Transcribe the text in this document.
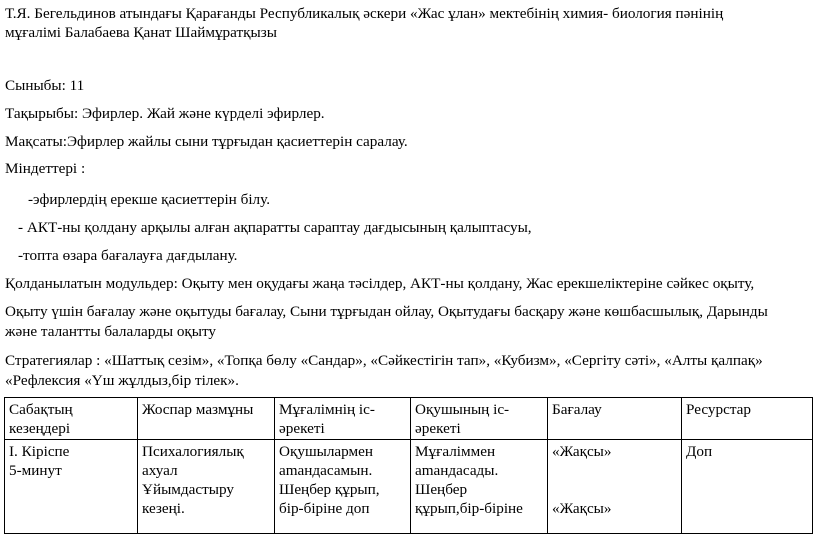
Т.Я. Бегельдинов атындағы Қарағанды Республикалық әскери «Жас ұлан» мектебінің химия- биология пәнінің
мұғалімі Балабаева Қанат Шаймұратқызы
Сыныбы: 11
Тақырыбы: Эфирлер. Жай және күрделі эфирлер.
Мақсаты:Эфирлер жайлы сыни тұрғыдан қасиеттерін саралау.
Міндеттері :
-эфирлердің ерекше қасиеттерін білу.
- АКТ-ны қолдану арқылы алған ақпаратты сараптау дағдысының қалыптасуы,
-топта өзара бағалауға дағдылану.
Қолданылатын модульдер: Оқыту мен оқудағы жаңа тәсілдер, АКТ-ны қолдану, Жас ерекшеліктеріне сәйкес оқыту,
Оқыту үшін бағалау және оқытуды бағалау, Сыни тұрғыдан ойлау, Оқытудағы басқару және көшбасшылық, Дарынды
және талантты балаларды оқыту
Стратегиялар : «Шаттық сезім», «Топқа бөлу «Сандар», «Сәйкестігін тап», «Кубизм», «Сергіту сәті», «Алты қалпақ»
«Рефлексия «Үш жұлдыз,бір тілек».
Сабақтың
кезеңдері	Жоспар мазмұны	Мұғалімнің іс-
әрекеті	Оқушының іс-
әрекеті	Бағалау	Ресурстар
І. Кіріспе
5-минут	Психалогиялық
ахуал
Ұйымдастыру
кезеңі.	Оқушылармен
amандасамын.
Шеңбер құрып,
бір-біріне доп	Мұғаліммен
amандасады.
Шеңбер
құрып,бір-біріне	«Жақсы»

«Жақсы»	Доп
